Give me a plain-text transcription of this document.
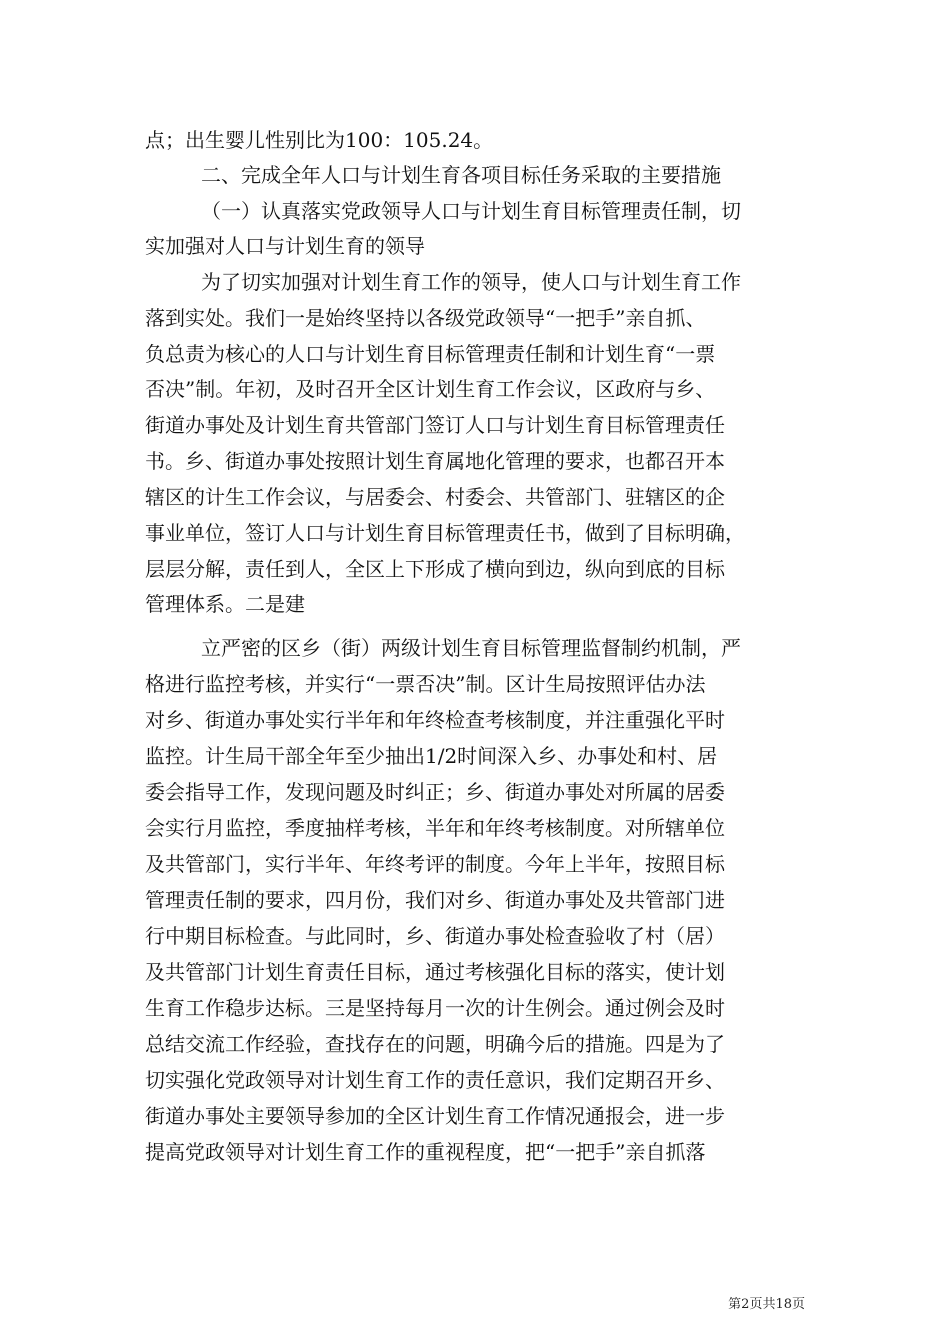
点；出生婴儿性别比为100：105.24。
二、完成全年人口与计划生育各项目标任务采取的主要措施
（一）认真落实党政领导人口与计划生育目标管理责任制，切
实加强对人口与计划生育的领导
为了切实加强对计划生育工作的领导，使人口与计划生育工作
落到实处。我们一是始终坚持以各级党政领导“一把手”亲自抓、
负总责为核心的人口与计划生育目标管理责任制和计划生育“一票
否决”制。年初，及时召开全区计划生育工作会议，区政府与乡、
街道办事处及计划生育共管部门签订人口与计划生育目标管理责任
书。乡、街道办事处按照计划生育属地化管理的要求，也都召开本
辖区的计生工作会议，与居委会、村委会、共管部门、驻辖区的企
事业单位，签订人口与计划生育目标管理责任书，做到了目标明确，
层层分解，责任到人，全区上下形成了横向到边，纵向到底的目标
管理体系。二是建
立严密的区乡（街）两级计划生育目标管理监督制约机制，严
格进行监控考核，并实行“一票否决”制。区计生局按照评估办法
对乡、街道办事处实行半年和年终检查考核制度，并注重强化平时
监控。计生局干部全年至少抽出1/2时间深入乡、办事处和村、居
委会指导工作，发现问题及时纠正；乡、街道办事处对所属的居委
会实行月监控，季度抽样考核，半年和年终考核制度。对所辖单位
及共管部门，实行半年、年终考评的制度。今年上半年，按照目标
管理责任制的要求，四月份，我们对乡、街道办事处及共管部门进
行中期目标检查。与此同时，乡、街道办事处检查验收了村（居）
及共管部门计划生育责任目标，通过考核强化目标的落实，使计划
生育工作稳步达标。三是坚持每月一次的计生例会。通过例会及时
总结交流工作经验，查找存在的问题，明确今后的措施。四是为了
切实强化党政领导对计划生育工作的责任意识，我们定期召开乡、
街道办事处主要领导参加的全区计划生育工作情况通报会，进一步
提高党政领导对计划生育工作的重视程度，把“一把手”亲自抓落
第2页共18页
